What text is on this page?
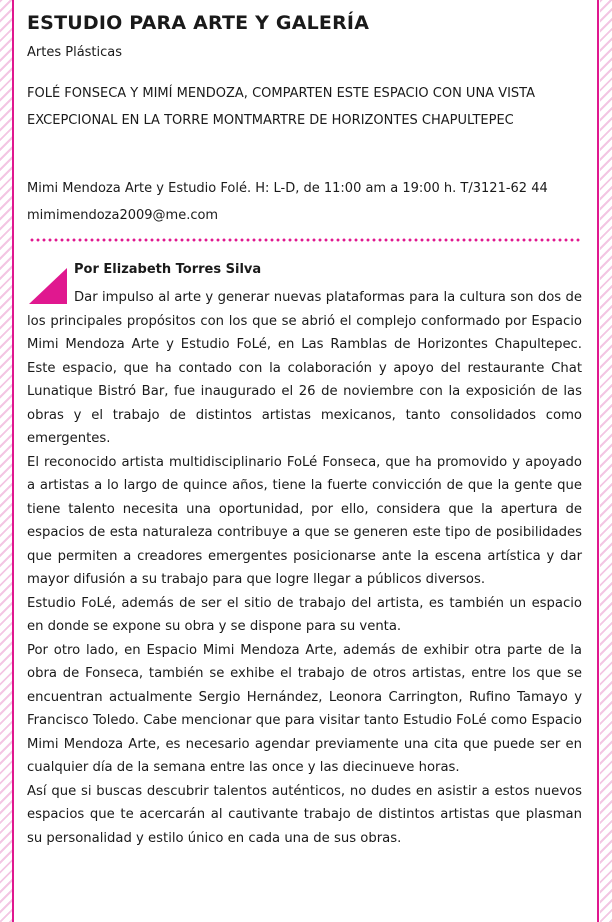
ESTUDIO PARA ARTE Y GALERÍA
Artes Plásticas
FOLÉ FONSECA Y MIMÍ MENDOZA, COMPARTEN ESTE ESPACIO CON UNA VISTA
EXCEPCIONAL EN LA TORRE MONTMARTRE DE HORIZONTES CHAPULTEPEC
Mimi Mendoza Arte y Estudio Folé. H: L-D, de 11:00 am a 19:00 h. T/3121-62 44
mimimendoza2009@me.com
Por Elizabeth Torres Silva

Dar impulso al arte y generar nuevas plataformas para la cultura son dos de los principales propósitos con los que se abrió el complejo conformado por Espacio Mimi Mendoza Arte y Estudio FoLé, en Las Ramblas de Horizontes Chapultepec. Este espacio, que ha contado con la colaboración y apoyo del restaurante Chat Lunatique Bistró Bar, fue inaugurado el 26 de noviembre con la exposición de las obras y el trabajo de distintos artistas mexicanos, tanto consolidados como emergentes.

El reconocido artista multidisciplinario FoLé Fonseca, que ha promovido y apoyado a artistas a lo largo de quince años, tiene la fuerte convicción de que la gente que tiene talento necesita una oportunidad, por ello, considera que la apertura de espacios de esta naturaleza contribuye a que se generen este tipo de posibilidades que permiten a creadores emergentes posicionarse ante la escena artística y dar mayor difusión a su trabajo para que logre llegar a públicos diversos.

Estudio FoLé, además de ser el sitio de trabajo del artista, es también un espacio en donde se expone su obra y se dispone para su venta.

Por otro lado, en Espacio Mimi Mendoza Arte, además de exhibir otra parte de la obra de Fonseca, también se exhibe el trabajo de otros artistas, entre los que se encuentran actualmente Sergio Hernández, Leonora Carrington, Rufino Tamayo y Francisco Toledo. Cabe mencionar que para visitar tanto Estudio FoLé como Espacio Mimi Mendoza Arte, es necesario agendar previamente una cita que puede ser en cualquier día de la semana entre las once y las diecinueve horas.

Así que si buscas descubrir talentos auténticos, no dudes en asistir a estos nuevos espacios que te acercarán al cautivante trabajo de distintos artistas que plasman su personalidad y estilo único en cada una de sus obras.
